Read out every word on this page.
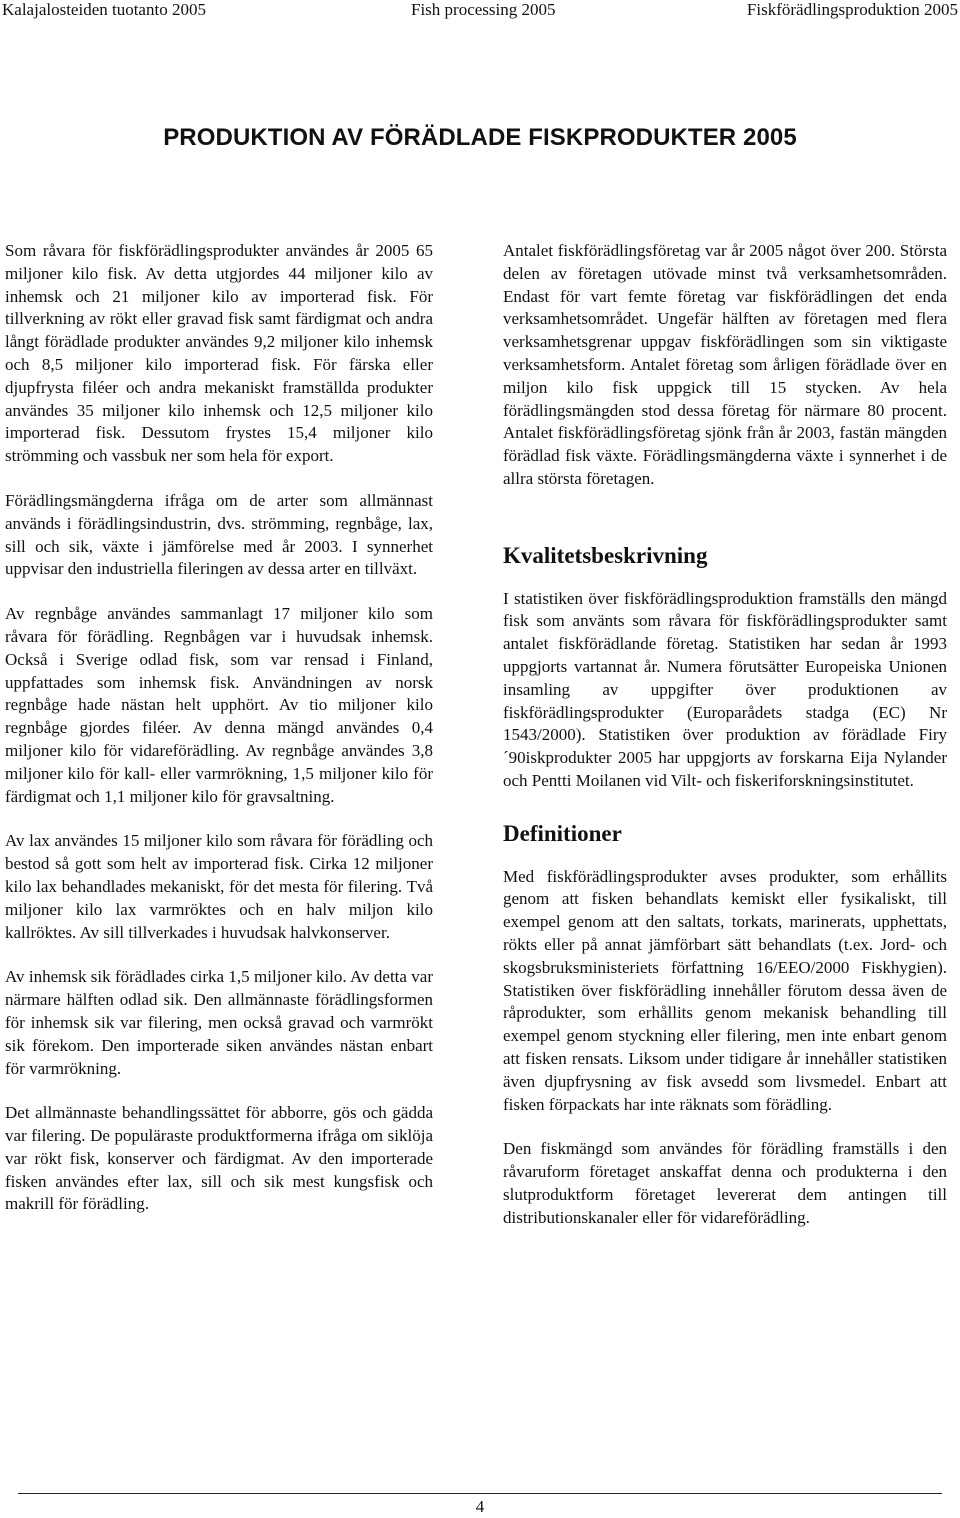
Kalajalosteiden tuotanto 2005	Fish processing 2005	Fiskförädlingsproduktion 2005
PRODUKTION AV FÖRÄDLADE FISKPRODUKTER 2005

Som råvara för fiskförädlingsprodukter användes år 2005 65 miljoner kilo fisk. Av detta utgjordes 44 miljoner kilo av inhemsk och 21 miljoner kilo av importerad fisk. För tillverkning av rökt eller gravad fisk samt färdigmat och andra långt förädlade produkter användes 9,2 miljoner kilo inhemsk och 8,5 miljoner kilo importerad fisk. För färska eller djupfrysta filéer och andra mekaniskt framställda produkter användes 35 miljoner kilo inhemsk och 12,5 miljoner kilo importerad fisk. Dessutom frystes 15,4 miljoner kilo strömming och vassbuk ner som hela för export.

Förädlingsmängderna ifråga om de arter som allmännast används i förädlingsindustrin, dvs. strömming, regnbåge, lax, sill och sik, växte i jämförelse med år 2003. I synnerhet uppvisar den industriella fileringen av dessa arter en tillväxt.

Av regnbåge användes sammanlagt 17 miljoner kilo som råvara för förädling. Regnbågen var i huvudsak inhemsk. Också i Sverige odlad fisk, som var rensad i Finland, uppfattades som inhemsk fisk. Användningen av norsk regnbåge hade nästan helt upphört. Av tio miljoner kilo regnbåge gjordes filéer. Av denna mängd användes 0,4 miljoner kilo för vidareförädling. Av regnbåge användes 3,8 miljoner kilo för kall- eller varmrökning, 1,5 miljoner kilo för färdigmat och 1,1 miljoner kilo för gravsaltning.

Av lax användes 15 miljoner kilo som råvara för förädling och bestod så gott som helt av importerad fisk. Cirka 12 miljoner kilo lax behandlades mekaniskt, för det mesta för filering. Två miljoner kilo lax varmröktes och en halv miljon kilo kallröktes. Av sill tillverkades i huvudsak halvkonserver.

Av inhemsk sik förädlades cirka 1,5 miljoner kilo. Av detta var närmare hälften odlad sik. Den allmännaste förädlingsformen för inhemsk sik var filering, men också gravad och varmrökt sik förekom. Den importerade siken användes nästan enbart för varmrökning.

Det allmännaste behandlingssättet för abborre, gös och gädda var filering. De populäraste produktformerna ifråga om siklöja var rökt fisk, konserver och färdigmat. Av den importerade fisken användes efter lax, sill och sik mest kungsfisk och makrill för förädling.

Antalet fiskförädlingsföretag var år 2005 något över 200. Största delen av företagen utövade minst två verksamhetsområden. Endast för vart femte företag var fiskförädlingen det enda verksamhetsområdet. Ungefär hälften av företagen med flera verksamhetsgrenar uppgav fiskförädlingen som sin viktigaste verksamhetsform. Antalet företag som årligen förädlade över en miljon kilo fisk uppgick till 15 stycken. Av hela förädlingsmängden stod dessa företag för närmare 80 procent. Antalet fiskförädlingsföretag sjönk från år 2003, fastän mängden förädlad fisk växte. Förädlingsmängderna växte i synnerhet i de allra största företagen.

Kvalitetsbeskrivning

I statistiken över fiskförädlingsproduktion framställs den mängd fisk som använts som råvara för fiskförädlingsprodukter samt antalet fiskförädlande företag. Statistiken har sedan år 1993 uppgjorts vartannat år. Numera förutsätter Europeiska Unionen insamling av uppgifter över produktionen av fiskförädlingsprodukter (Europarådets stadga (EC) Nr 1543/2000). Statistiken över produktion av förädlade Firy´90iskprodukter 2005 har uppgjorts av forskarna Eija Nylander och Pentti Moilanen vid Vilt- och fiskeriforskningsinstitutet.

Definitioner

Med fiskförädlingsprodukter avses produkter, som erhållits genom att fisken behandlats kemiskt eller fysikaliskt, till exempel genom att den saltats, torkats, marinerats, upphettats, rökts eller på annat jämförbart sätt behandlats (t.ex. Jord- och skogsbruksministeriets författning 16/EEO/2000 Fiskhygien). Statistiken över fiskförädling innehåller förutom dessa även de råprodukter, som erhållits genom mekanisk behandling till exempel genom styckning eller filering, men inte enbart genom att fisken rensats. Liksom under tidigare år innehåller statistiken även djupfrysning av fisk avsedd som livsmedel. Enbart att fisken förpackats har inte räknats som förädling.

Den fiskmängd som användes för förädling framställs i den råvaruform företaget anskaffat denna och produkterna i den slutproduktform företaget levererat dem antingen till distributionskanaler eller för vidareförädling.

4
